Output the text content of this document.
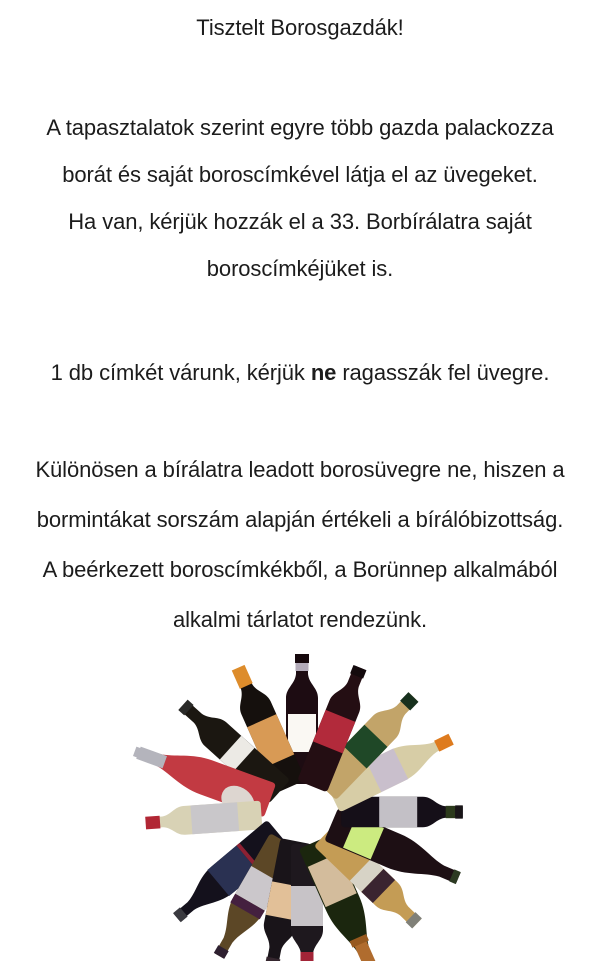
Tisztelt Borosgazdák!
A tapasztalatok szerint egyre több gazda palackozza
borát és saját boroscímkével látja el az üvegeket.
Ha van, kérjük hozzák el a 33. Borbírálatra saját
boroscímkéjüket is.
1 db címkét várunk, kérjük ne ragasszák fel üvegre.
Különösen a bírálatra leadott borosüvegre ne, hiszen a
bormintákat sorszám alapján értékeli a bírálóbizottság.
A beérkezett boroscímkékből, a Borünnep alkalmából
alkalmi tárlatot rendezünk.
